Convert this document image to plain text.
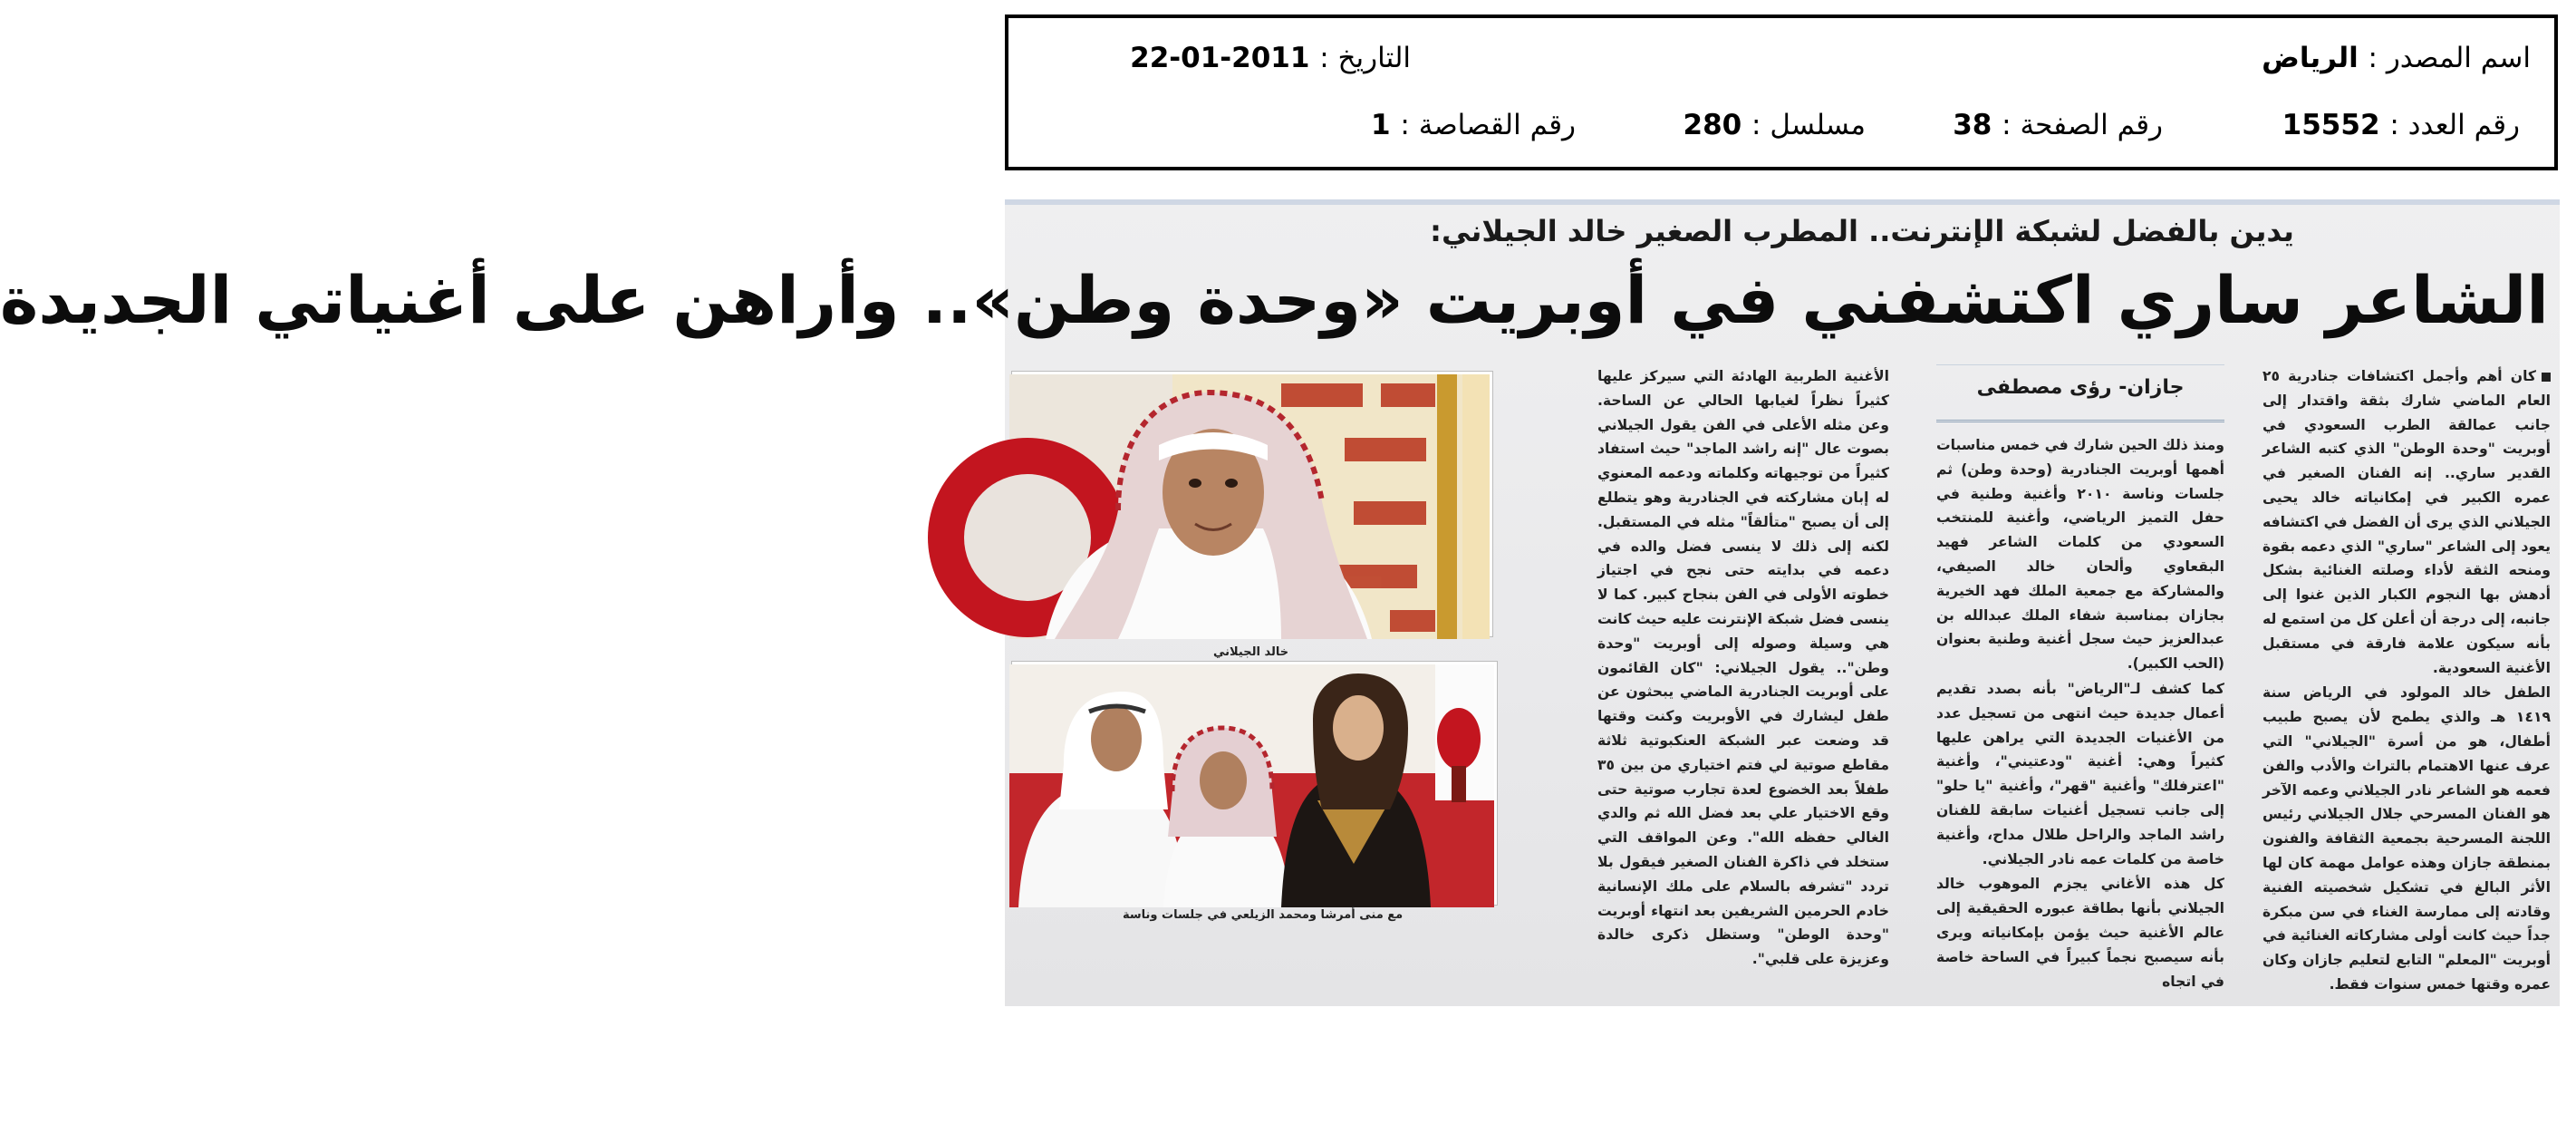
اسم المصدر : الرياض
التاريخ : 2011-01-22
رقم العدد : 15552
رقم الصفحة : 38
مسلسل : 280
رقم القصاصة : 1
يدين بالفضل لشبكة الإنترنت.. المطرب الصغير خالد الجيلاني:
الشاعر ساري اكتشفني في أوبريت «وحدة وطن».. وأراهن على أغنياتي الجديدة

كان أهم وأجمل اكتشافات جنادرية ٢٥ العام الماضي شارك بثقة واقتدار إلى جانب عمالقة الطرب السعودي في أوبريت "وحدة الوطن" الذي كتبه الشاعر القدير ساري.. إنه الفنان الصغير في عمره الكبير في إمكانياته خالد يحيى الجيلاني الذي يرى أن الفضل في اكتشافه يعود إلى الشاعر "ساري" الذي دعمه بقوة ومنحه الثقة لأداء وصلته الغنائية بشكل أدهش بها النجوم الكبار الذين غنوا إلى جانبه، إلى درجة أن أعلن كل من استمع له بأنه سيكون علامة فارقة في مستقبل الأغنية السعودية.

الطفل خالد المولود في الرياض سنة ١٤١٩ هـ والذي يطمح لأن يصبح طبيب أطفال، هو من أسرة "الجيلاني" التي عرف عنها الاهتمام بالتراث والأدب والفن فعمه هو الشاعر نادر الجيلاني وعمه الآخر هو الفنان المسرحي جلال الجيلاني رئيس اللجنة المسرحية بجمعية الثقافة والفنون بمنطقة جازان وهذه عوامل مهمة كان لها الأثر البالغ في تشكيل شخصيته الفنية وقادته إلى ممارسة الغناء في سن مبكرة جداً حيث كانت أولى مشاركاته الغنائية في أوبريت "المعلم" التابع لتعليم جازان وكان عمره وقتها خمس سنوات فقط.

جازان- رؤى مصطفى

ومنذ ذلك الحين شارك في خمس مناسبات أهمها أوبريت الجنادرية (وحدة وطن) ثم جلسات وناسة ٢٠١٠ وأغنية وطنية في حفل التميز الرياضي، وأغنية للمنتخب السعودي من كلمات الشاعر فهيد البقعاوي وألحان خالد الصيفي، والمشاركة مع جمعية الملك فهد الخيرية بجازان بمناسبة شفاء الملك عبدالله بن عبدالعزيز حيث سجل أغنية وطنية بعنوان (الحب الكبير).

كما كشف لـ"الرياض" بأنه بصدد تقديم أعمال جديدة حيث انتهى من تسجيل عدد من الأغنيات الجديدة التي يراهن عليها كثيراً وهي: أغنية "ودعتيني"، وأغنية "اعترفلك" وأغنية "قهر"، وأغنية "يا حلو" إلى جانب تسجيل أغنيات سابقة للفنان راشد الماجد والراحل طلال مداح، وأغنية خاصة من كلمات عمه نادر الجيلاني.

كل هذه الأغاني يجزم الموهوب خالد الجيلاني بأنها بطاقة عبوره الحقيقية إلى عالم الأغنية حيث يؤمن بإمكانياته ويرى بأنه سيصبح نجماً كبيراً في الساحة خاصة في اتجاه

الأغنية الطربية الهادئة التي سيركز عليها كثيراً نظراً لغيابها الحالي عن الساحة. وعن مثله الأعلى في الفن يقول الجيلاني بصوت عال "إنه راشد الماجد" حيث استفاد كثيراً من توجيهاته وكلماته ودعمه المعنوي له إبان مشاركته في الجنادرية وهو يتطلع إلى أن يصبح "متألقاً" مثله في المستقبل. لكنه إلى ذلك لا ينسى فضل والده في دعمه في بدايته حتى نجح في اجتياز خطوته الأولى في الفن بنجاح كبير. كما لا ينسى فضل شبكة الإنترنت عليه حيث كانت هي وسيلة وصوله إلى أوبريت "وحدة وطن".. يقول الجيلاني: "كان القائمون على أوبريت الجنادرية الماضي يبحثون عن طفل ليشارك في الأوبريت وكنت وقتها قد وضعت عبر الشبكة العنكبوتية ثلاثة مقاطع صوتية لي فتم اختياري من بين ٣٥ طفلاً بعد الخضوع لعدة تجارب صوتية حتى وقع الاختيار علي بعد فضل الله ثم والدي الغالي حفظه الله". وعن المواقف التي ستخلد في ذاكرة الفنان الصغير فيقول بلا تردد "تشرفه بالسلام على ملك الإنسانية خادم الحرمين الشريفين بعد انتهاء أوبريت "وحدة الوطن" وستظل ذكرى خالدة وعزيزة على قلبي".

خالد الجيلاني
مع منى أمرشا ومحمد الزيلعي في جلسات وناسة
